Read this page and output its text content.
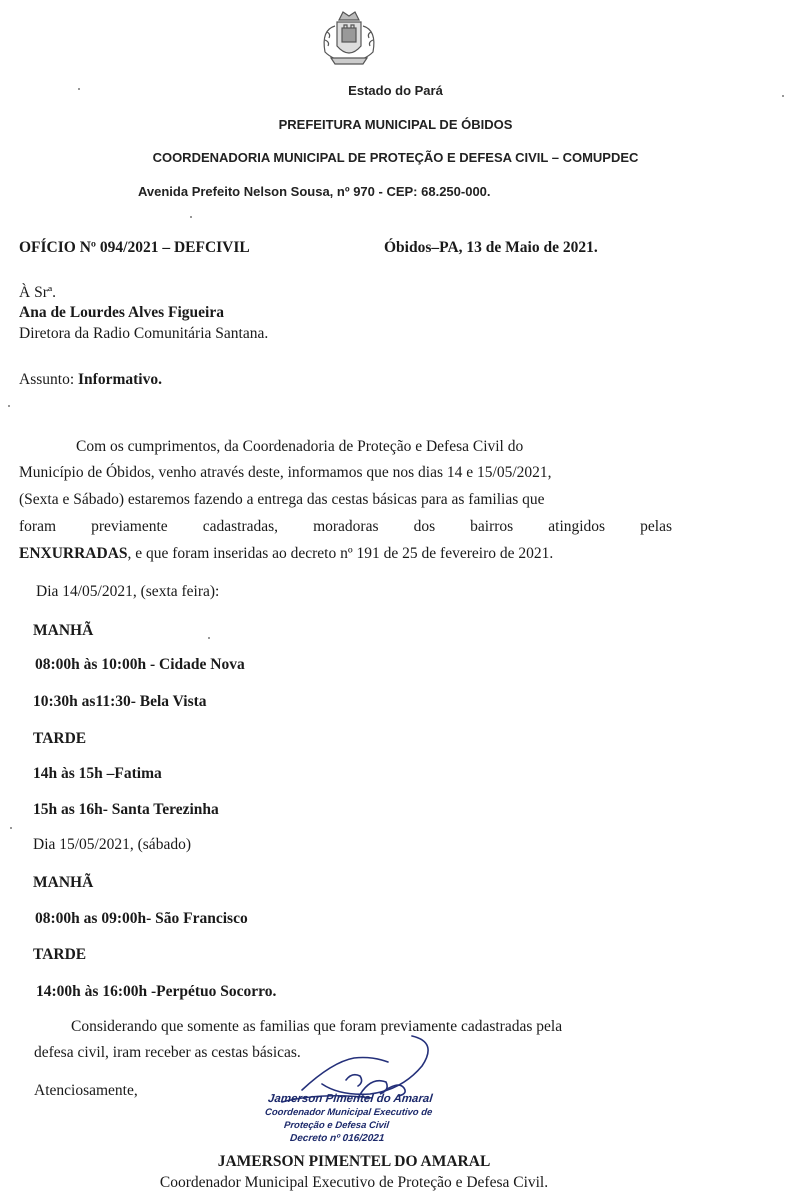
Estado do Pará
PREFEITURA MUNICIPAL DE ÓBIDOS
COORDENADORIA MUNICIPAL DE PROTEÇÃO E DEFESA CIVIL – COMUPDEC
Avenida Prefeito Nelson Sousa, nº 970 - CEP: 68.250-000.
OFÍCIO Nº 094/2021 – DEFCIVIL	Óbidos–PA, 13 de Maio de 2021.
À Srª.
Ana de Lourdes Alves Figueira
Diretora da Radio Comunitária Santana.
Assunto: Informativo.
Com os cumprimentos, da Coordenadoria de Proteção e Defesa Civil do
Município de Óbidos, venho através deste, informamos que nos dias 14 e 15/05/2021,
(Sexta e Sábado) estaremos fazendo a entrega das cestas básicas para as familias que
foram previamente cadastradas, moradoras dos bairros atingidos pelas
ENXURRADAS, e que foram inseridas ao decreto nº 191 de 25 de fevereiro de 2021.
Dia 14/05/2021, (sexta feira):
MANHÃ
08:00h às 10:00h - Cidade Nova
10:30h as11:30- Bela Vista
TARDE
14h às 15h –Fatima
15h as 16h- Santa Terezinha
Dia 15/05/2021, (sábado)
MANHÃ
08:00h as 09:00h- São Francisco
TARDE
14:00h às 16:00h -Perpétuo Socorro.
Considerando que somente as familias que foram previamente cadastradas pela
defesa civil, iram receber as cestas básicas.
Atenciosamente,	Jamerson Pimentel do Amaral
Coordenador Municipal Executivo de
Proteção e Defesa Civil
Decreto nº 016/2021
JAMERSON PIMENTEL DO AMARAL
Coordenador Municipal Executivo de Proteção e Defesa Civil.
